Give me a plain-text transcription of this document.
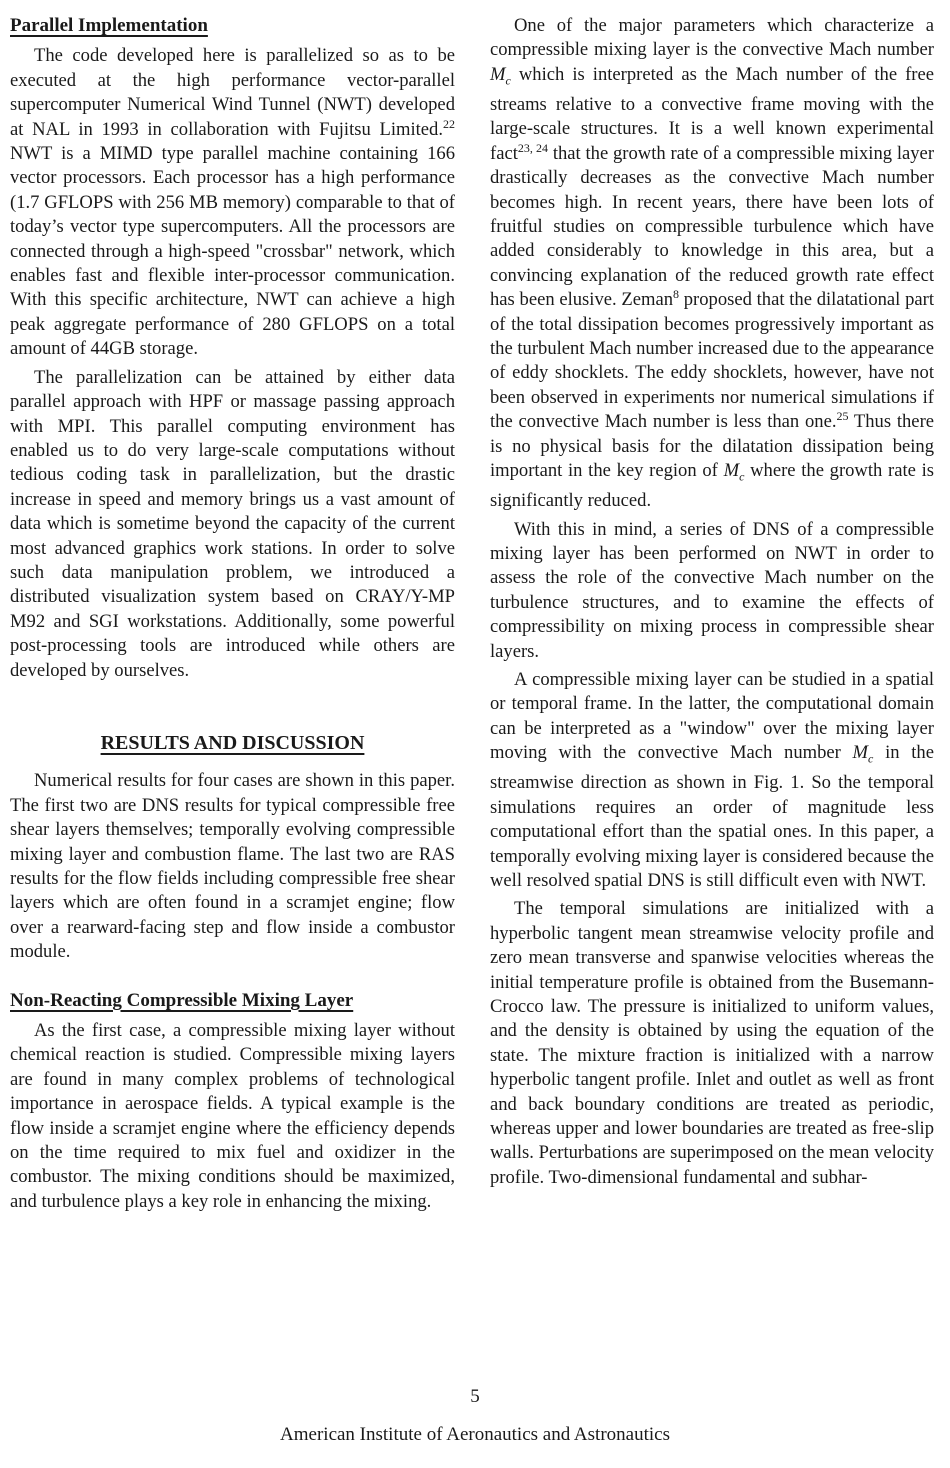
Parallel Implementation

The code developed here is parallelized so as to be executed at the high performance vector-parallel supercomputer Numerical Wind Tunnel (NWT) developed at NAL in 1993 in collaboration with Fujitsu Limited.$^{22}$ NWT is a MIMD type parallel machine containing 166 vector processors. Each processor has a high performance (1.7 GFLOPS with 256 MB memory) comparable to that of today’s vector type supercomputers. All the processors are connected through a high-speed "crossbar" network, which enables fast and flexible inter-processor communication. With this specific architecture, NWT can achieve a high peak aggregate performance of 280 GFLOPS on a total amount of 44GB storage.

The parallelization can be attained by either data parallel approach with HPF or massage passing approach with MPI. This parallel computing environment has enabled us to do very large-scale computations without tedious coding task in parallelization, but the drastic increase in speed and memory brings us a vast amount of data which is sometime beyond the capacity of the current most advanced graphics work stations. In order to solve such data manipulation problem, we introduced a distributed visualization system based on CRAY/Y-MP M92 and SGI workstations. Additionally, some powerful post-processing tools are introduced while others are developed by ourselves.

RESULTS AND DISCUSSION

Numerical results for four cases are shown in this paper. The first two are DNS results for typical compressible free shear layers themselves; temporally evolving compressible mixing layer and combustion flame. The last two are RAS results for the flow fields including compressible free shear layers which are often found in a scramjet engine; flow over a rearward-facing step and flow inside a combustor module.

Non-Reacting Compressible Mixing Layer

As the first case, a compressible mixing layer without chemical reaction is studied. Compressible mixing layers are found in many complex problems of technological importance in aerospace fields. A typical example is the flow inside a scramjet engine where the efficiency depends on the time required to mix fuel and oxidizer in the combustor. The mixing conditions should be maximized, and turbulence plays a key role in enhancing the mixing.

One of the major parameters which characterize a compressible mixing layer is the convective Mach number $M_c$ which is interpreted as the Mach number of the free streams relative to a convective frame moving with the large-scale structures. It is a well known experimental fact$^{23, 24}$ that the growth rate of a compressible mixing layer drastically decreases as the convective Mach number becomes high. In recent years, there have been lots of fruitful studies on compressible turbulence which have added considerably to knowledge in this area, but a convincing explanation of the reduced growth rate effect has been elusive. Zeman$^8$ proposed that the dilatational part of the total dissipation becomes progressively important as the turbulent Mach number increased due to the appearance of eddy shocklets. The eddy shocklets, however, have not been observed in experiments nor numerical simulations if the convective Mach number is less than one.$^{25}$ Thus there is no physical basis for the dilatation dissipation being important in the key region of $M_c$ where the growth rate is significantly reduced.

With this in mind, a series of DNS of a compressible mixing layer has been performed on NWT in order to assess the role of the convective Mach number on the turbulence structures, and to examine the effects of compressibility on mixing process in compressible shear layers.

A compressible mixing layer can be studied in a spatial or temporal frame. In the latter, the computational domain can be interpreted as a "window" over the mixing layer moving with the convective Mach number $M_c$ in the streamwise direction as shown in Fig. 1. So the temporal simulations requires an order of magnitude less computational effort than the spatial ones. In this paper, a temporally evolving mixing layer is considered because the well resolved spatial DNS is still difficult even with NWT.

The temporal simulations are initialized with a hyperbolic tangent mean streamwise velocity profile and zero mean transverse and spanwise velocities whereas the initial temperature profile is obtained from the Busemann-Crocco law. The pressure is initialized to uniform values, and the density is obtained by using the equation of the state. The mixture fraction is initialized with a narrow hyperbolic tangent profile. Inlet and outlet as well as front and back boundary conditions are treated as periodic, whereas upper and lower boundaries are treated as free-slip walls. Perturbations are superimposed on the mean velocity profile. Two-dimensional fundamental and subhar-

5
American Institute of Aeronautics and Astronautics
